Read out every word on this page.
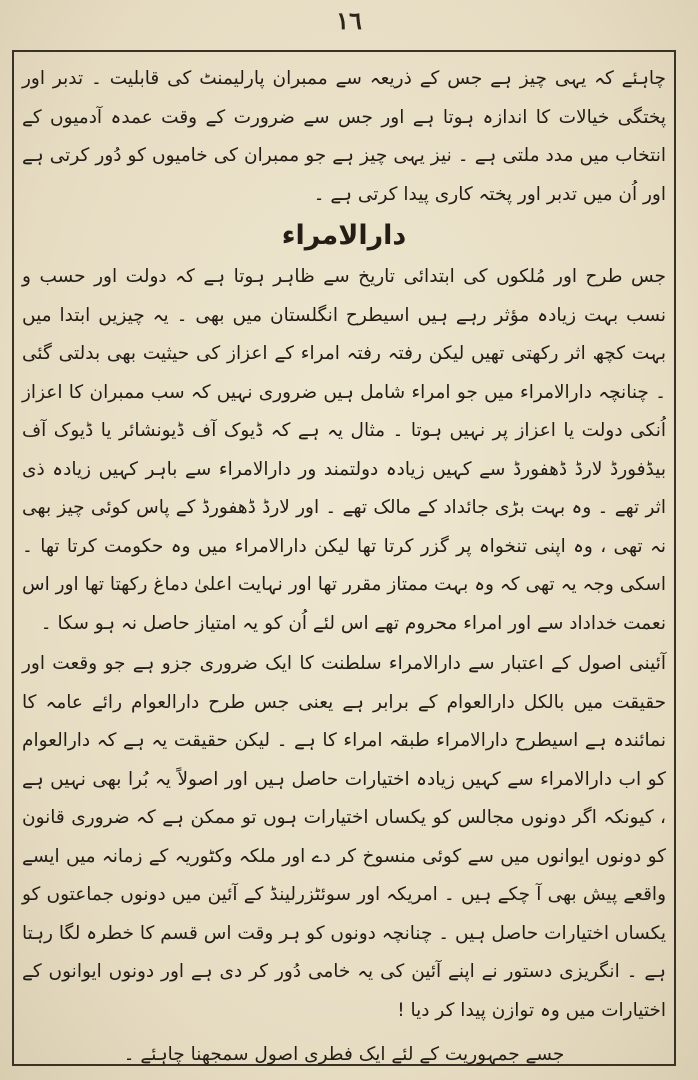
١٦

چاہئے کہ یہی چیز ہے جس کے ذریعہ سے ممبران پارلیمنٹ کی قابلیت ۔ تدبر اور پختگی خیالات کا اندازہ ہوتا ہے اور جس سے ضرورت کے وقت عمدہ آدمیوں کے انتخاب میں مدد ملتی ہے ۔ نیز یہی چیز ہے جو ممبران کی خامیوں کو دُور کرتی ہے اور اُن میں تدبر اور پختہ کاری پیدا کرتی ہے ۔

دارالامراء

جس طرح اور مُلکوں کی ابتدائی تاریخ سے ظاہر ہوتا ہے کہ دولت اور حسب و نسب بہت زیادہ مؤثر رہے ہیں اسیطرح انگلستان میں بھی ۔ یہ چیزیں ابتدا میں بہت کچھ اثر رکھتی تھیں لیکن رفتہ رفتہ امراء کے اعزاز کی حیثیت بھی بدلتی گئی ۔ چنانچہ دارالامراء میں جو امراء شامل ہیں ضروری نہیں کہ سب ممبران کا اعزاز اُنکی دولت یا اعزاز پر نہیں ہوتا ۔ مثال یہ ہے کہ ڈیوک آف ڈیونشائر یا ڈیوک آف بیڈفورڈ لارڈ ڈھفورڈ سے کہیں زیادہ دولتمند ور دارالامراء سے باہر کہیں زیادہ ذی اثر تھے ۔ وہ بہت بڑی جائداد کے مالک تھے ۔ اور لارڈ ڈھفورڈ کے پاس کوئی چیز بھی نہ تھی ، وہ اپنی تنخواہ پر گزر کرتا تھا لیکن دارالامراء میں وہ حکومت کرتا تھا ۔ اسکی وجہ یہ تھی کہ وہ بہت ممتاز مقرر تھا اور نہایت اعلیٰ دماغ رکھتا تھا اور اس نعمت خداداد سے اور امراء محروم تھے اس لئے اُن کو یہ امتیاز حاصل نہ ہو سکا ۔

آئینی اصول کے اعتبار سے دارالامراء سلطنت کا ایک ضروری جزو ہے جو وقعت اور حقیقت میں بالکل دارالعوام کے برابر ہے یعنی جس طرح دارالعوام رائے عامہ کا نمائندہ ہے اسیطرح دارالامراء طبقہ امراء کا ہے ۔ لیکن حقیقت یہ ہے کہ دارالعوام کو اب دارالامراء سے کہیں زیادہ اختیارات حاصل ہیں اور اصولاً یہ بُرا بھی نہیں ہے ، کیونکہ اگر دونوں مجالس کو یکساں اختیارات ہوں تو ممکن ہے کہ ضروری قانون کو دونوں ایوانوں میں سے کوئی منسوخ کر دے اور ملکہ وکٹوریہ کے زمانہ میں ایسے واقعے پیش بھی آ چکے ہیں ۔ امریکہ اور سوئٹزرلینڈ کے آئین میں دونوں جماعتوں کو یکساں اختیارات حاصل ہیں ۔ چنانچہ دونوں کو ہر وقت اس قسم کا خطرہ لگا رہتا ہے ۔ انگریزی دستور نے اپنے آئین کی یہ خامی دُور کر دی ہے اور دونوں ایوانوں کے اختیارات میں وہ توازن پیدا کر دیا !

جسے جمہوریت کے لئے ایک فطری اصول سمجھنا چاہئے ۔
